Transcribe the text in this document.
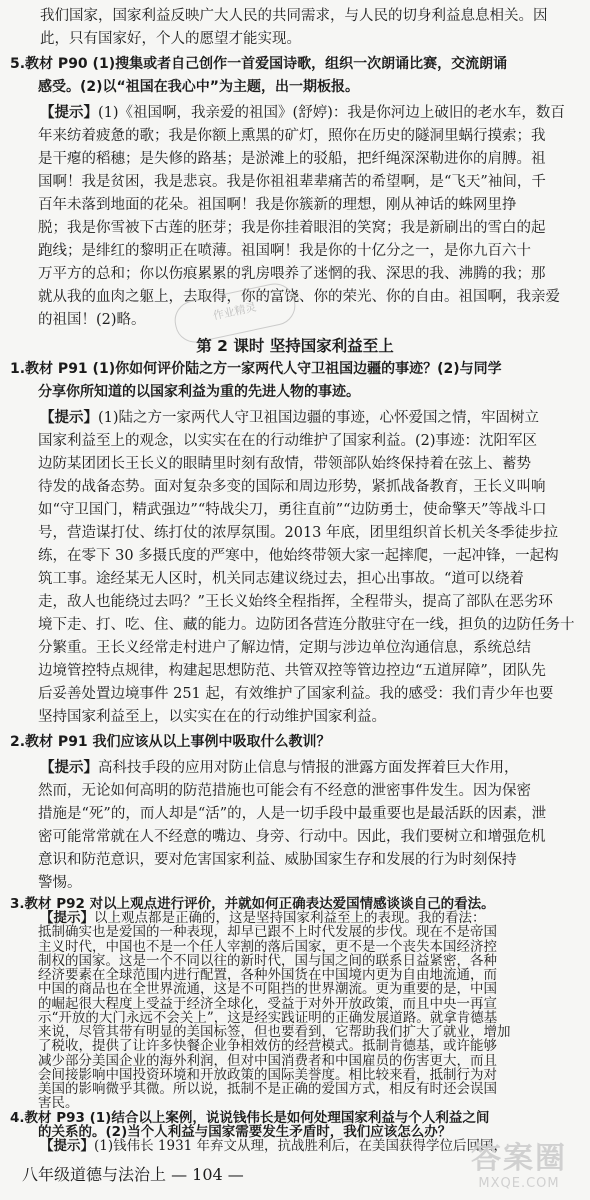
我们国家，国家利益反映广大人民的共同需求，与人民的切身利益息息相关。因
此，只有国家好，个人的愿望才能实现。
5.教材 P90 (1)搜集或者自己创作一首爱国诗歌，组织一次朗诵比赛，交流朗诵
感受。(2)以“祖国在我心中”为主题，出一期板报。
【提示】(1)《祖国啊，我亲爱的祖国》(舒婷)：我是你河边上破旧的老水车，数百
年来纺着疲惫的歌；我是你额上熏黑的矿灯，照你在历史的隧洞里蜗行摸索；我
是干瘪的稻穗；是失修的路基；是淤滩上的驳船，把纤绳深深勒进你的肩膊。祖
国啊！我是贫困，我是悲哀。我是你祖祖辈辈痛苦的希望啊，是“飞天”袖间，千
百年未落到地面的花朵。祖国啊！我是你簇新的理想，刚从神话的蛛网里挣
脱；我是你雪被下古莲的胚芽；我是你挂着眼泪的笑窝；我是新刷出的雪白的起
跑线；是绯红的黎明正在喷薄。祖国啊！我是你的十亿分之一，是你九百六十
万平方的总和；你以伤痕累累的乳房喂养了迷惘的我、深思的我、沸腾的我；那
就从我的血肉之躯上，去取得，你的富饶、你的荣光、你的自由。祖国啊，我亲爱
的祖国！(2)略。	作业精灵
第 2 课时 坚持国家利益至上
1.教材 P91 (1)你如何评价陆之方一家两代人守卫祖国边疆的事迹？(2)与同学
分享你所知道的以国家利益为重的先进人物的事迹。
【提示】(1)陆之方一家两代人守卫祖国边疆的事迹，心怀爱国之情，牢固树立
国家利益至上的观念，以实实在在的行动维护了国家利益。(2)事迹：沈阳军区
边防某团团长王长义的眼睛里时刻有敌情，带领部队始终保持着在弦上、蓄势
待发的战备态势。面对复杂多变的国际和周边形势，紧抓战备教育，王长义叫响
如“守卫国门，精武强边”“特战尖刀，勇往直前”“边防勇士，使命擎天”等战斗口
号，营造谋打仗、练打仗的浓厚氛围。2013 年底，团里组织首长机关冬季徒步拉
练，在零下 30 多摄氏度的严寒中，他始终带领大家一起摔爬，一起冲锋，一起构
筑工事。途经某无人区时，机关同志建议绕过去，担心出事故。“道可以绕着
走，敌人也能绕过去吗？”王长义始终全程指挥，全程带头，提高了部队在恶劣环
境下走、打、吃、住、藏的能力。边防团各营连分散驻守在一线，担负的边防任务十
分繁重。王长义经常走村进户了解边情，定期与涉边单位沟通信息，系统总结
边境管控特点规律，构建起思想防范、共管双控等管边控边“五道屏障”，团队先
后妥善处置边境事件 251 起，有效维护了国家利益。我的感受：我们青少年也要
坚持国家利益至上，以实实在在的行动维护国家利益。
2.教材 P91 我们应该从以上事例中吸取什么教训？
【提示】高科技手段的应用对防止信息与情报的泄露方面发挥着巨大作用，
然而，无论如何高明的防范措施也可能会有不经意的泄密事件发生。因为保密
措施是“死”的，而人却是“活”的，人是一切手段中最重要也是最活跃的因素，泄
密可能常常就在人不经意的嘴边、身旁、行动中。因此，我们要树立和增强危机
意识和防范意识，要对危害国家利益、威胁国家生存和发展的行为时刻保持
警惕。
3.教材 P92 对以上观点进行评价，并就如何正确表达爱国情感谈谈自己的看法。
【提示】以上观点都是正确的，这是坚持国家利益至上的表现。我的看法：
抵制确实也是爱国的一种表现，却早已跟不上时代发展的步伐。现在不是帝国
主义时代，中国也不是一个任人宰割的落后国家，更不是一个丧失本国经济控
制权的国家。这是一个不同以往的新时代，国与国之间的联系日益紧密，各种
经济要素在全球范围内进行配置，各种外国货在中国境内更为自由地流通，而
中国的商品也在全世界流通，这是不可阻挡的世界潮流。更为重要的是，中国
的崛起很大程度上受益于经济全球化，受益于对外开放政策，而且中央一再宣
示“开放的大门永远不会关上”，这是经实践证明的正确发展道路。就拿肯德基
来说，尽管其带有明显的美国标签，但也要看到，它帮助我们扩大了就业，增加
了税收，提供了让许多快餐企业争相效仿的经营模式。抵制肯德基，或许能够
减少部分美国企业的海外利润，但对中国消费者和中国雇员的伤害更大，而且
会间接影响中国投资环境和开放政策的国际美誉度。相比较来看，抵制行为对
美国的影响微乎其微。所以说，抵制不是正确的爱国方式，相反有时还会误国
害民。
4.教材 P93 (1)结合以上案例，说说钱伟长是如何处理国家利益与个人利益之间
的关系的。(2)当个人利益与国家需要发生矛盾时，我们应该怎么办？
【提示】(1)钱伟长 1931 年弃文从理，抗战胜利后，在美国获得学位后回国，
八年级道德与法治上 — 104 —	答案圈
MXQE.COM
